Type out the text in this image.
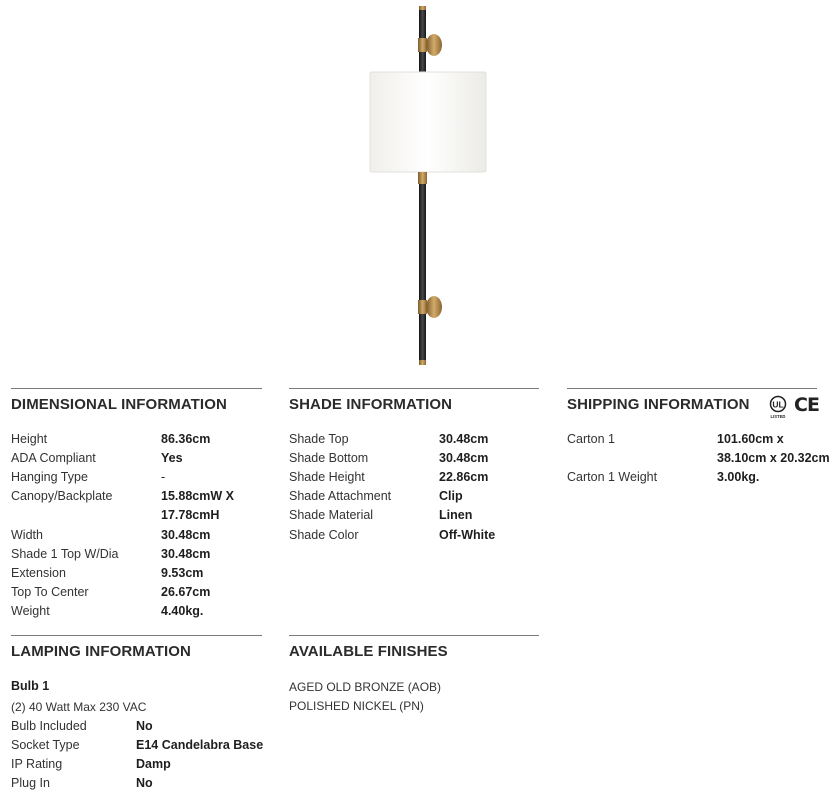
DIMENSIONAL INFORMATION
Height	86.36cm
ADA Compliant	Yes
Hanging Type	-
Canopy/Backplate	15.88cmW X
17.78cmH
Width	30.48cm
Shade 1 Top W/Dia	30.48cm
Extension	9.53cm
Top To Center	26.67cm
Weight	4.40kg.
SHADE INFORMATION
Shade Top	30.48cm
Shade Bottom	30.48cm
Shade Height	22.86cm
Shade Attachment	Clip
Shade Material	Linen
Shade Color	Off-White
SHIPPING INFORMATION	UL
LISTED
CE
Carton 1	101.60cm x
38.10cm x 20.32cm
Carton 1 Weight	3.00kg.
LAMPING INFORMATION
Bulb 1
(2) 40 Watt Max 230 VAC
Bulb Included	No
Socket Type	E14 Candelabra Base
IP Rating	Damp
Plug In	No
AVAILABLE FINISHES
AGED OLD BRONZE (AOB)
POLISHED NICKEL (PN)
